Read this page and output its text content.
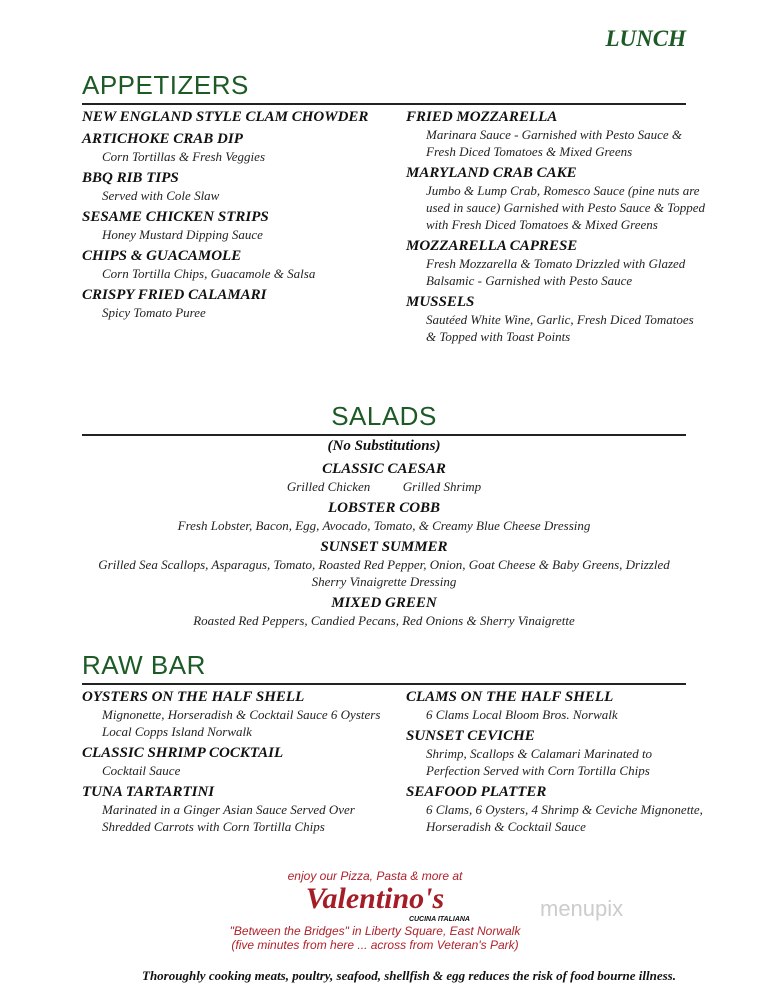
LUNCH
APPETIZERS
NEW ENGLAND STYLE CLAM CHOWDER
ARTICHOKE CRAB DIP
Corn Tortillas & Fresh Veggies
BBQ RIB TIPS
Served with Cole Slaw
SESAME CHICKEN STRIPS
Honey Mustard Dipping Sauce
CHIPS & GUACAMOLE
Corn Tortilla Chips, Guacamole & Salsa
CRISPY FRIED CALAMARI
Spicy Tomato Puree
FRIED MOZZARELLA
Marinara Sauce - Garnished with Pesto Sauce & Fresh Diced Tomatoes & Mixed Greens
MARYLAND CRAB CAKE
Jumbo & Lump Crab, Romesco Sauce (pine nuts are used in sauce) Garnished with Pesto Sauce & Topped with Fresh Diced Tomatoes & Mixed Greens
MOZZARELLA CAPRESE
Fresh Mozzarella & Tomato Drizzled with Glazed Balsamic - Garnished with Pesto Sauce
MUSSELS
Sautéed White Wine, Garlic, Fresh Diced Tomatoes & Topped with Toast Points
SALADS
(No Substitutions)
CLASSIC CAESAR
Grilled Chicken          Grilled Shrimp
LOBSTER COBB
Fresh Lobster, Bacon, Egg, Avocado, Tomato, & Creamy Blue Cheese Dressing
SUNSET SUMMER
Grilled Sea Scallops, Asparagus, Tomato, Roasted Red Pepper, Onion, Goat Cheese & Baby Greens, Drizzled Sherry Vinaigrette Dressing
MIXED GREEN
Roasted Red Peppers, Candied Pecans, Red Onions & Sherry Vinaigrette
RAW BAR
OYSTERS ON THE HALF SHELL
Mignonette, Horseradish & Cocktail Sauce 6 Oysters Local Copps Island Norwalk
CLASSIC SHRIMP COCKTAIL
Cocktail Sauce
TUNA TARTARTINI
Marinated in a Ginger Asian Sauce Served Over Shredded Carrots with Corn Tortilla Chips
CLAMS ON THE HALF SHELL
6 Clams Local Bloom Bros. Norwalk
SUNSET CEVICHE
Shrimp, Scallops & Calamari Marinated to Perfection Served with Corn Tortilla Chips
SEAFOOD PLATTER
6 Clams, 6 Oysters, 4 Shrimp & Ceviche Mignonette, Horseradish & Cocktail Sauce
enjoy our Pizza, Pasta & more at
Valentino's
CUCINA ITALIANA
"Between the Bridges" in Liberty Square, East Norwalk
(five minutes from here ... across from Veteran's Park)
menupix
Thoroughly cooking meats, poultry, seafood, shellfish & egg reduces the risk of food bourne illness.
